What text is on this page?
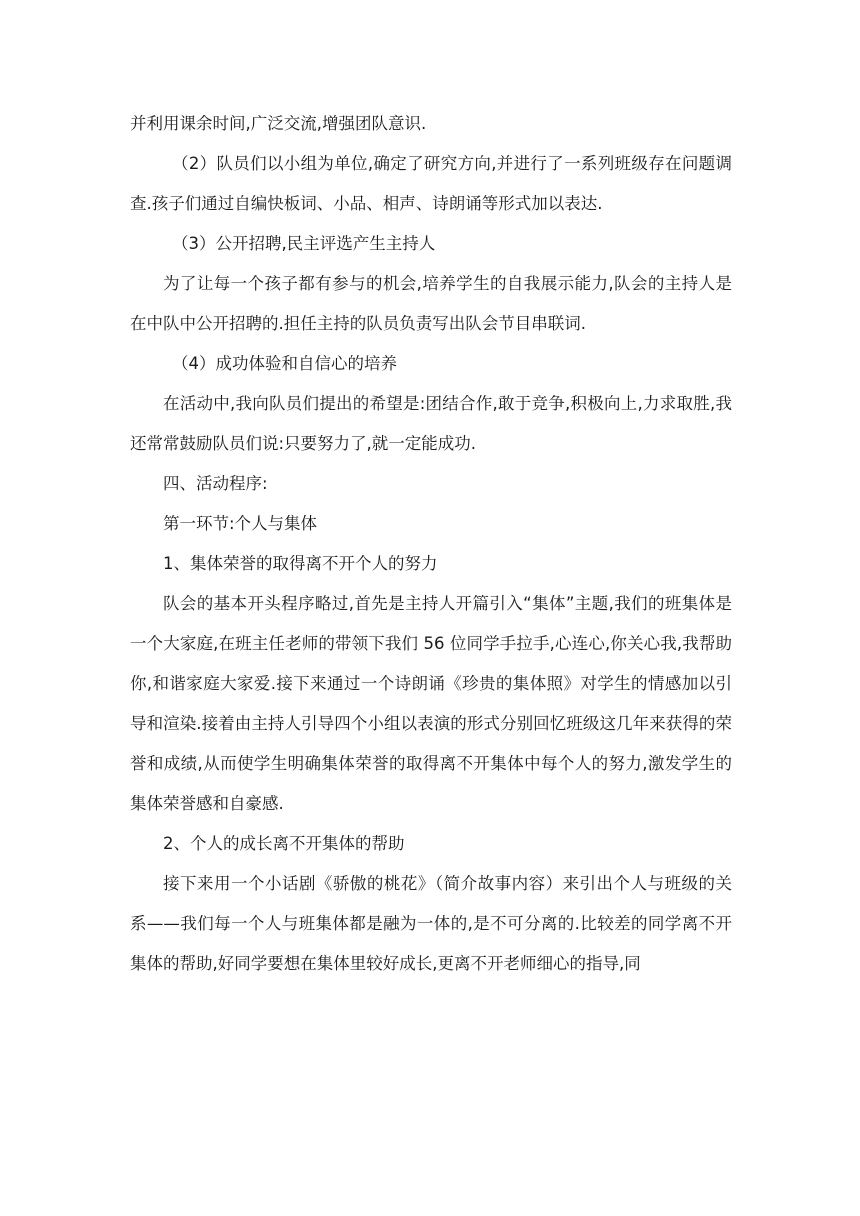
并利用课余时间,广泛交流,增强团队意识.

（2）队员们以小组为单位,确定了研究方向,并进行了一系列班级存在问题调查.孩子们通过自编快板词、小品、相声、诗朗诵等形式加以表达.

（3）公开招聘,民主评选产生主持人

为了让每一个孩子都有参与的机会,培养学生的自我展示能力,队会的主持人是在中队中公开招聘的.担任主持的队员负责写出队会节目串联词.

（4）成功体验和自信心的培养

在活动中,我向队员们提出的希望是:团结合作,敢于竞争,积极向上,力求取胜,我还常常鼓励队员们说:只要努力了,就一定能成功.

四、活动程序:

第一环节:个人与集体

1、集体荣誉的取得离不开个人的努力

队会的基本开头程序略过,首先是主持人开篇引入“集体”主题,我们的班集体是一个大家庭,在班主任老师的带领下我们 56 位同学手拉手,心连心,你关心我,我帮助你,和谐家庭大家爱.接下来通过一个诗朗诵《珍贵的集体照》对学生的情感加以引导和渲染.接着由主持人引导四个小组以表演的形式分别回忆班级这几年来获得的荣誉和成绩,从而使学生明确集体荣誉的取得离不开集体中每个人的努力,激发学生的集体荣誉感和自豪感.

2、个人的成长离不开集体的帮助

接下来用一个小话剧《骄傲的桃花》（简介故事内容）来引出个人与班级的关系——我们每一个人与班集体都是融为一体的,是不可分离的.比较差的同学离不开集体的帮助,好同学要想在集体里较好成长,更离不开老师细心的指导,同
